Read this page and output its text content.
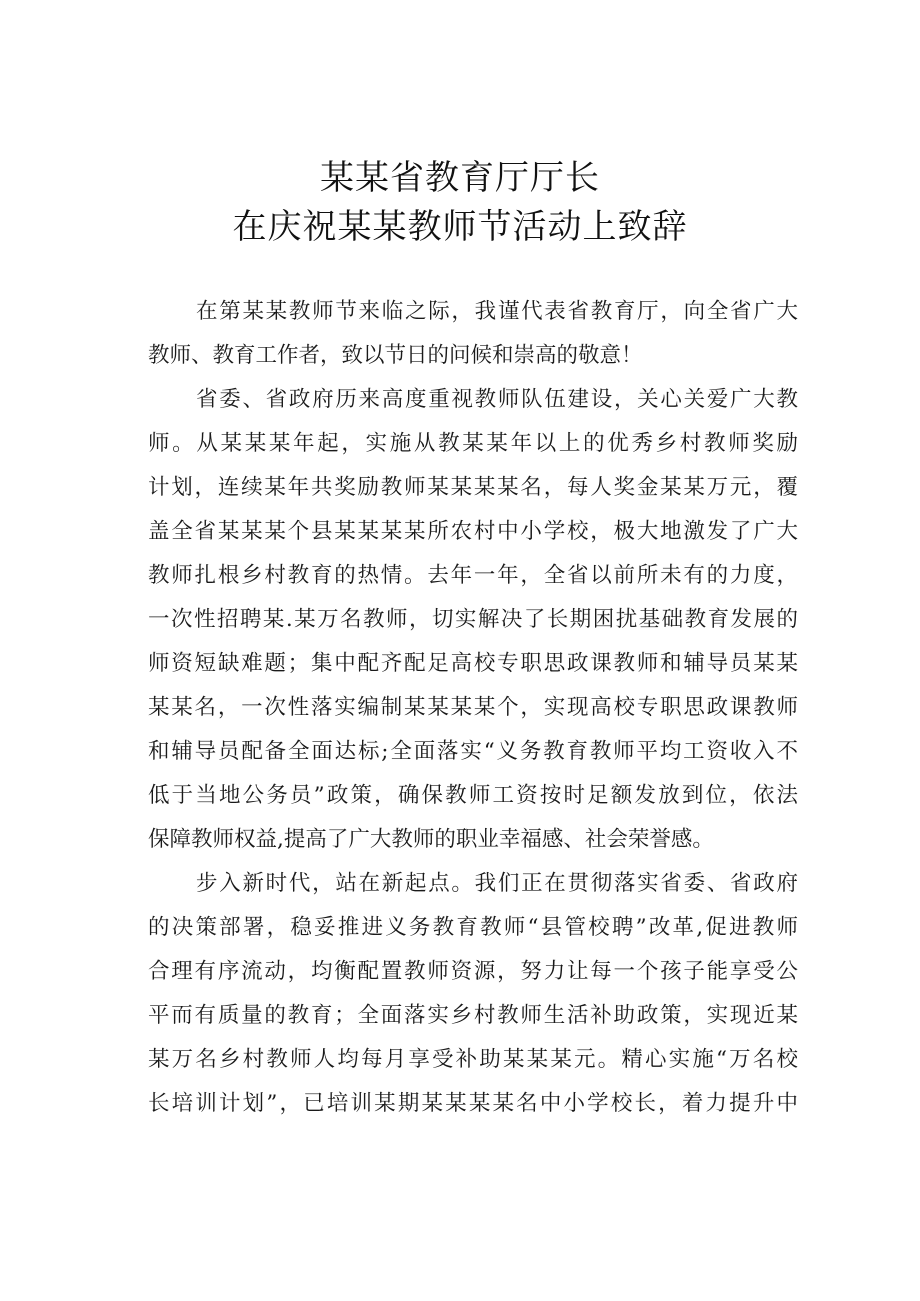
某某省教育厅厅长
在庆祝某某教师节活动上致辞
在第某某教师节来临之际，我谨代表省教育厅，向全省广大
教师、教育工作者，致以节日的问候和崇高的敬意！
省委、省政府历来高度重视教师队伍建设，关心关爱广大教
师。从某某某年起，实施从教某某年以上的优秀乡村教师奖励
计划，连续某年共奖励教师某某某某名，每人奖金某某万元，覆
盖全省某某某个县某某某某所农村中小学校，极大地激发了广大
教师扎根乡村教育的热情。去年一年，全省以前所未有的力度，
一次性招聘某.某万名教师，切实解决了长期困扰基础教育发展的
师资短缺难题；集中配齐配足高校专职思政课教师和辅导员某某
某某名，一次性落实编制某某某某个，实现高校专职思政课教师
和辅导员配备全面达标;全面落实“义务教育教师平均工资收入不
低于当地公务员”政策，确保教师工资按时足额发放到位，依法
保障教师权益,提高了广大教师的职业幸福感、社会荣誉感。
步入新时代，站在新起点。我们正在贯彻落实省委、省政府
的决策部署，稳妥推进义务教育教师“县管校聘”改革,促进教师
合理有序流动，均衡配置教师资源，努力让每一个孩子能享受公
平而有质量的教育；全面落实乡村教师生活补助政策，实现近某
某万名乡村教师人均每月享受补助某某某元。精心实施“万名校
长培训计划”，已培训某期某某某某名中小学校长，着力提升中
